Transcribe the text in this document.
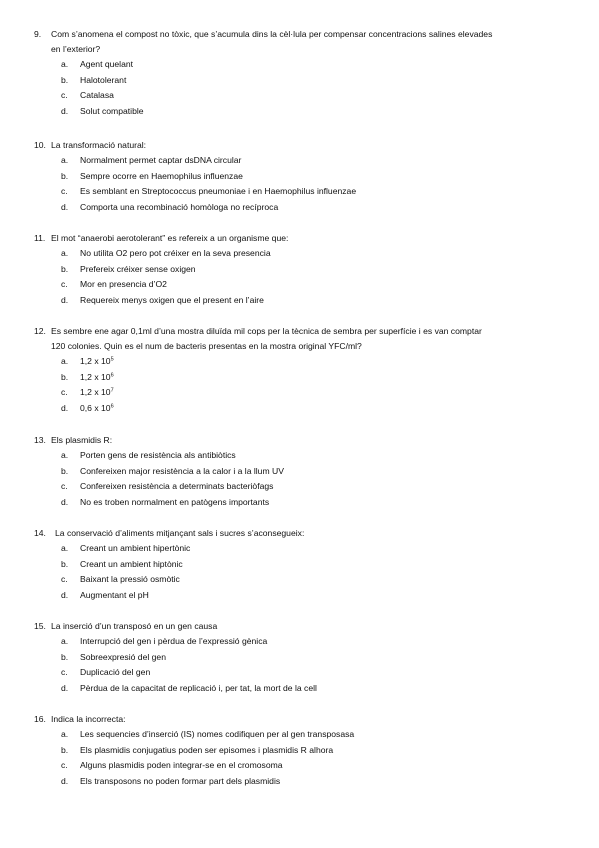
9. Com s’anomena el compost no tòxic, que s’acumula dins la cèl·lula per compensar concentracions salines elevades
en l’exterior?
a. Agent quelant
b. Halotolerant
c. Catalasa
d. Solut compatible
10. La transformació natural:
a. Normalment permet captar dsDNA circular
b. Sempre ocorre en Haemophilus influenzae
c. Es semblant en Streptococcus pneumoniae i en Haemophilus influenzae
d. Comporta una recombinació homòloga no recíproca
11. El mot “anaerobi aerotolerant” es refereix a un organisme que:
a. No utilita O2 pero pot créixer en la seva presencia
b. Prefereix créixer sense oxigen
c. Mor en presencia d’O2
d. Requereix menys oxigen que el present en l’aire
12. Es sembre ene agar 0,1ml d’una mostra diluïda mil cops per la tècnica de sembra per superfície i es van comptar
120 colonies. Quin es el num de bacteris presentas en la mostra original YFC/ml?
a. 1,2 x $10^5$
b. 1,2 x $10^6$
c. 1,2 x $10^7$
d. 0,6 x $10^6$
13. Els plasmidis R:
a. Porten gens de resistència als antibiòtics
b. Confereixen major resistència a la calor i a la llum UV
c. Confereixen resistència a determinats bacteriòfags
d. No es troben normalment en patògens importants
14. La conservació d’aliments mitjançant sals i sucres s’aconsegueix:
a. Creant un ambient hipertònic
b. Creant un ambient hiptònic
c. Baixant la pressió osmòtic
d. Augmentant el pH
15. La inserció d’un transposó en un gen causa
a. Interrupció del gen i pèrdua de l’expressió gènica
b. Sobreexpresió del gen
c. Duplicació del gen
d. Pèrdua de la capacitat de replicació i, per tat, la mort de la cell
16. Indica la incorrecta:
a. Les sequencies d’inserció (IS) nomes codifiquen per al gen transposasa
b. Els plasmidis conjugatius poden ser episomes i plasmidis R alhora
c. Alguns plasmidis poden integrar-se en el cromosoma
d. Els transposons no poden formar part dels plasmidis
